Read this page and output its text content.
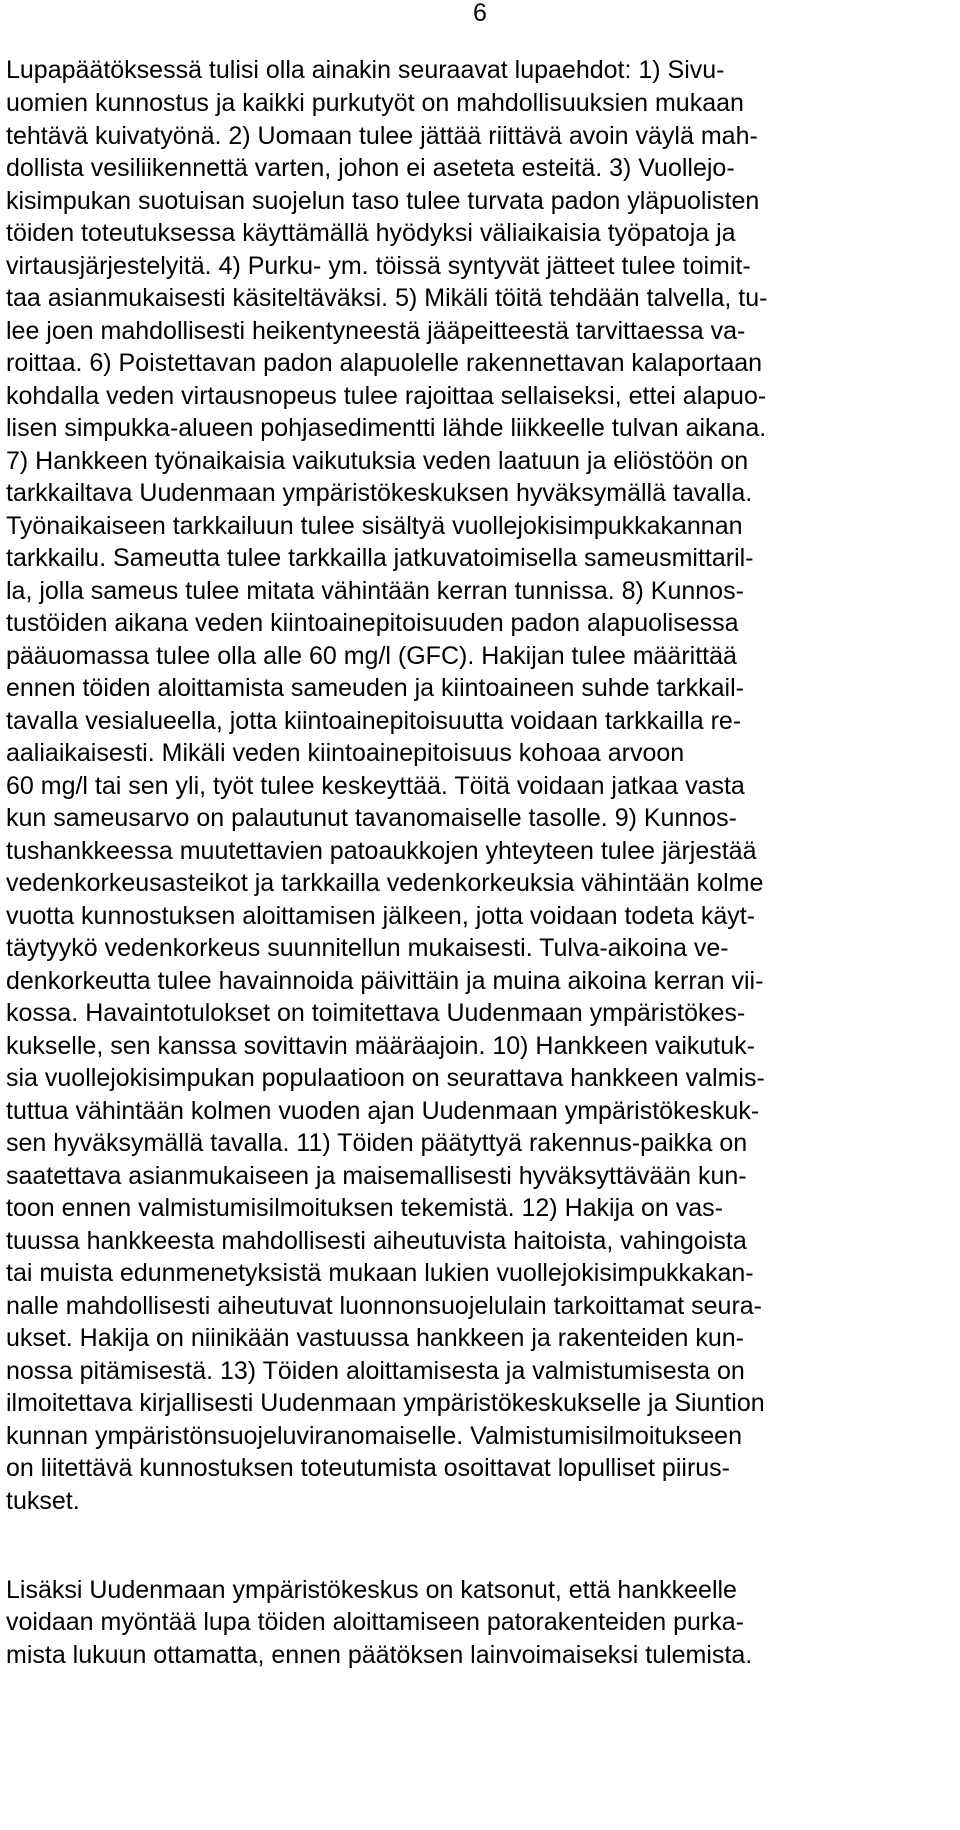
6
Lupapäätöksessä tulisi olla ainakin seuraavat lupaehdot: 1) Sivu-
uomien kunnostus ja kaikki purkutyöt on mahdollisuuksien mukaan
tehtävä kuivatyönä. 2) Uomaan tulee jättää riittävä avoin väylä mah-
dollista vesiliikennettä varten, johon ei aseteta esteitä. 3) Vuollejo-
kisimpukan suotuisan suojelun taso tulee turvata padon yläpuolisten
töiden toteutuksessa käyttämällä hyödyksi väliaikaisia työpatoja ja
virtausjärjestelyitä. 4) Purku- ym. töissä syntyvät jätteet tulee toimit-
taa asianmukaisesti käsiteltäväksi. 5) Mikäli töitä tehdään talvella, tu-
lee joen mahdollisesti heikentyneestä jääpeitteestä tarvittaessa va-
roittaa. 6) Poistettavan padon alapuolelle rakennettavan kalaportaan
kohdalla veden virtausnopeus tulee rajoittaa sellaiseksi, ettei alapuo-
lisen simpukka-alueen pohjasedimentti lähde liikkeelle tulvan aikana.
7) Hankkeen työnaikaisia vaikutuksia veden laatuun ja eliöstöön on
tarkkailtava Uudenmaan ympäristökeskuksen hyväksymällä tavalla.
Työnaikaiseen tarkkailuun tulee sisältyä vuollejokisimpukkakannan
tarkkailu. Sameutta tulee tarkkailla jatkuvatoimisella sameusmittaril-
la, jolla sameus tulee mitata vähintään kerran tunnissa. 8) Kunnos-
tustöiden aikana veden kiintoainepitoisuuden padon alapuolisessa
pääuomassa tulee olla alle 60 mg/l (GFC). Hakijan tulee määrittää
ennen töiden aloittamista sameuden ja kiintoaineen suhde tarkkail-
tavalla vesialueella, jotta kiintoainepitoisuutta voidaan tarkkailla re-
aaliaikaisesti. Mikäli veden kiintoainepitoisuus kohoaa arvoon
60 mg/l tai sen yli, työt tulee keskeyttää. Töitä voidaan jatkaa vasta
kun sameusarvo on palautunut tavanomaiselle tasolle. 9) Kunnos-
tushankkeessa muutettavien patoaukkojen yhteyteen tulee järjestää
vedenkorkeusasteikot ja tarkkailla vedenkorkeuksia vähintään kolme
vuotta kunnostuksen aloittamisen jälkeen, jotta voidaan todeta käyt-
täytyykö vedenkorkeus suunnitellun mukaisesti. Tulva-aikoina ve-
denkorkeutta tulee havainnoida päivittäin ja muina aikoina kerran vii-
kossa. Havaintotulokset on toimitettava Uudenmaan ympäristökes-
kukselle, sen kanssa sovittavin määräajoin. 10) Hankkeen vaikutuk-
sia vuollejokisimpukan populaatioon on seurattava hankkeen valmis-
tuttua vähintään kolmen vuoden ajan Uudenmaan ympäristökeskuk-
sen hyväksymällä tavalla. 11) Töiden päätyttyä rakennus-paikka on
saatettava asianmukaiseen ja maisemallisesti hyväksyttävään kun-
toon ennen valmistumisilmoituksen tekemistä. 12) Hakija on vas-
tuussa hankkeesta mahdollisesti aiheutuvista haitoista, vahingoista
tai muista edunmenetyksistä mukaan lukien vuollejokisimpukkakan-
nalle mahdollisesti aiheutuvat luonnonsuojelulain tarkoittamat seura-
ukset. Hakija on niinikään vastuussa hankkeen ja rakenteiden kun-
nossa pitämisestä. 13) Töiden aloittamisesta ja valmistumisesta on
ilmoitettava kirjallisesti Uudenmaan ympäristökeskukselle ja Siuntion
kunnan ympäristönsuojeluviranomaiselle. Valmistumisilmoitukseen
on liitettävä kunnostuksen toteutumista osoittavat lopulliset piirus-
tukset.
Lisäksi Uudenmaan ympäristökeskus on katsonut, että hankkeelle
voidaan myöntää lupa töiden aloittamiseen patorakenteiden purka-
mista lukuun ottamatta, ennen päätöksen lainvoimaiseksi tulemista.
